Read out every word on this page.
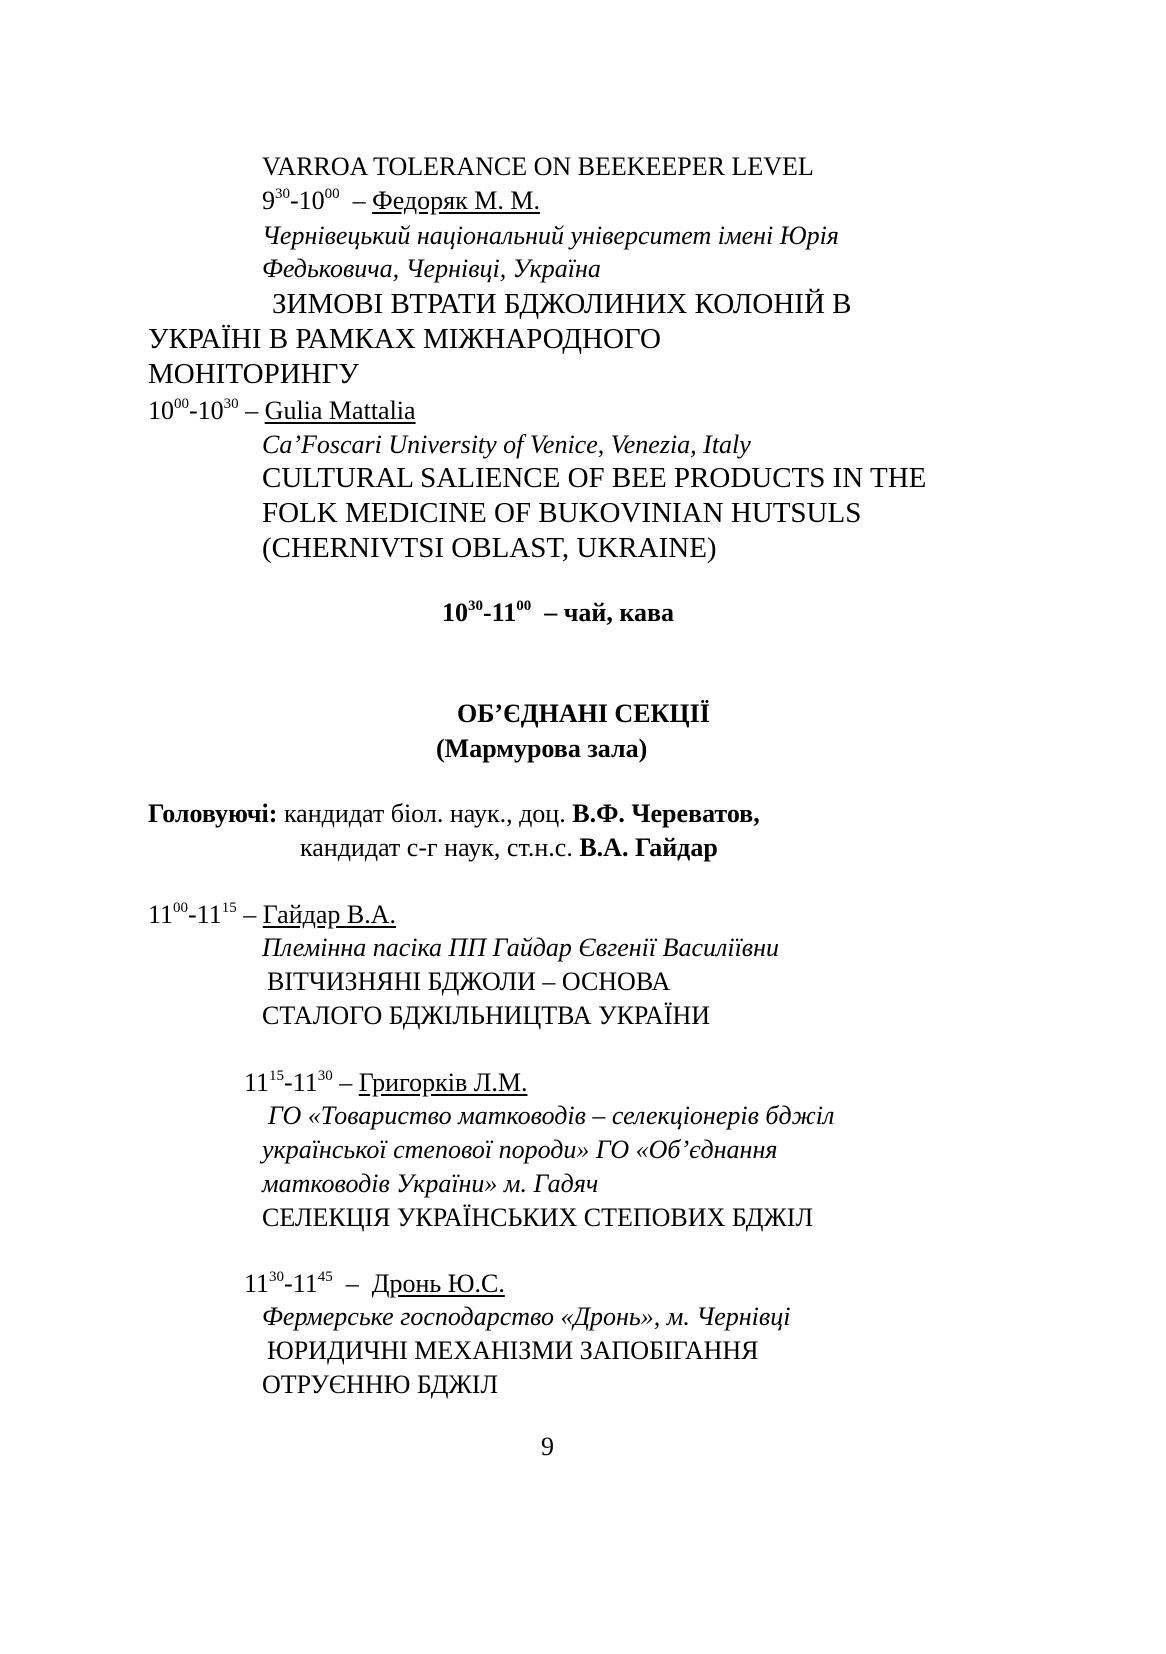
VARROA TOLERANCE ON BEEKEEPER LEVEL

$9^{30}-10^{00}$  – Федоряк М. М.

Чернівецький національний університет імені Юрія

Федьковича, Чернівці, Україна

ЗИМОВІ ВТРАТИ БДЖОЛИНИХ КОЛОНІЙ В

УКРАЇНІ В РАМКАХ МІЖНАРОДНОГО

МОНІТОРИНГУ

$10^{00}-10^{30}$ – Gulia Mattalia

Ca’Foscari University of Venice, Venezia, Italy

CULTURAL SALIENCE OF BEE PRODUCTS IN THE

FOLK MEDICINE OF BUKOVINIAN HUTSULS

(CHERNIVTSI OBLAST, UKRAINE)

$10^{30}-11^{00}$  – чай, кава

ОБ’ЄДНАНІ СЕКЦІЇ

(Мармурова зала)

Головуючі: кандидат біол. наук., доц. В.Ф. Череватов,

кандидат с-г наук, ст.н.с. В.А. Гайдар

$11^{00}-11^{15}$ – Гайдар В.А.

Племінна пасіка ПП Гайдар Євгенії Василіївни

ВІТЧИЗНЯНІ БДЖОЛИ – ОСНОВА

СТАЛОГО БДЖІЛЬНИЦТВА УКРАЇНИ

$11^{15}-11^{30}$ – Григорків Л.М.

ГО «Товариство матководів – селекціонерів бджіл

української степової породи» ГО «Об’єднання

матководів України» м. Гадяч

СЕЛЕКЦІЯ УКРАЇНСЬКИХ СТЕПОВИХ БДЖІЛ

$11^{30}-11^{45}$  –  Дронь Ю.С.

Фермерське господарство «Дронь», м. Чернівці

ЮРИДИЧНІ МЕХАНІЗМИ ЗАПОБІГАННЯ

ОТРУЄННЮ БДЖІЛ

9
